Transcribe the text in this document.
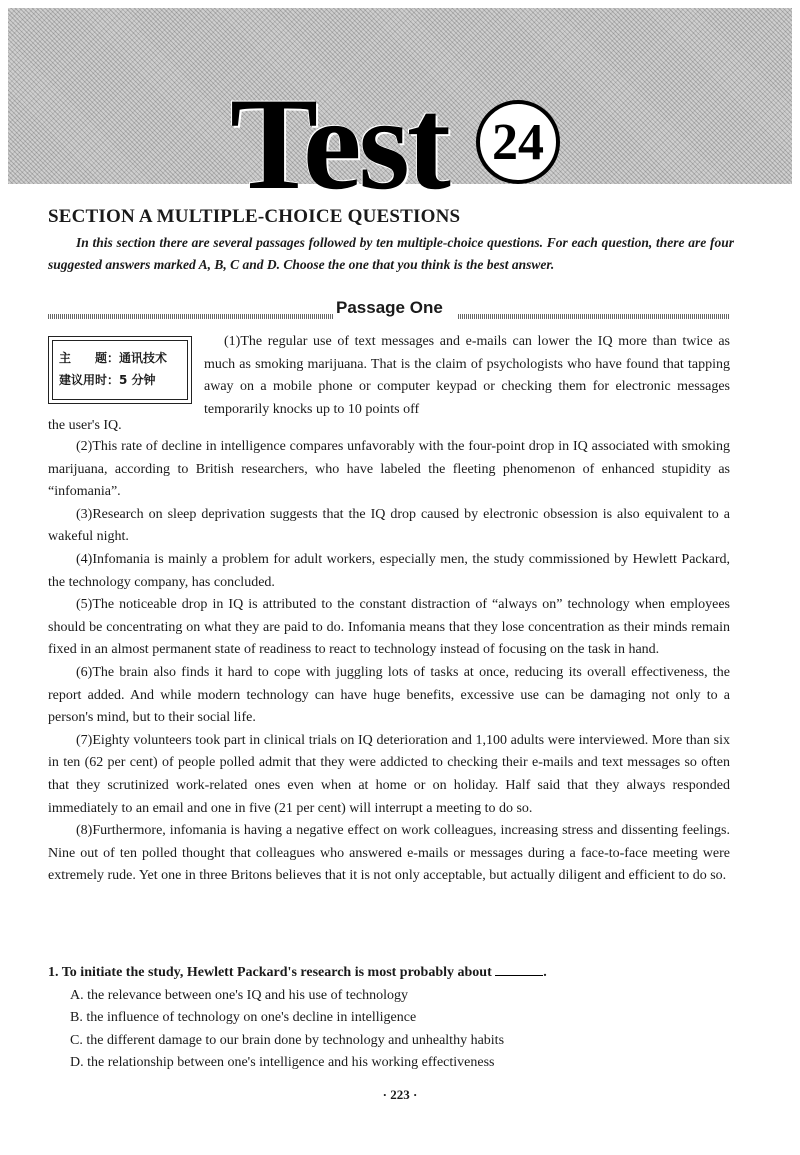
Test 24
SECTION A MULTIPLE-CHOICE QUESTIONS
In this section there are several passages followed by ten multiple-choice questions. For each question, there are four suggested answers marked A, B, C and D. Choose the one that you think is the best answer.
Passage One
主　　题：通讯技术
建议用时：5 分钟
(1)The regular use of text messages and e-mails can lower the IQ more than twice as much as smoking marijuana. That is the claim of psychologists who have found that tapping away on a mobile phone or computer keypad or checking them for electronic messages temporarily knocks up to 10 points off
the user's IQ.

(2)This rate of decline in intelligence compares unfavorably with the four-point drop in IQ associated with smoking marijuana, according to British researchers, who have labeled the fleeting phenomenon of enhanced stupidity as “infomania”.

(3)Research on sleep deprivation suggests that the IQ drop caused by electronic obsession is also equivalent to a wakeful night.

(4)Infomania is mainly a problem for adult workers, especially men, the study commissioned by Hewlett Packard, the technology company, has concluded.

(5)The noticeable drop in IQ is attributed to the constant distraction of “always on” technology when employees should be concentrating on what they are paid to do. Infomania means that they lose concentration as their minds remain fixed in an almost permanent state of readiness to react to technology instead of focusing on the task in hand.

(6)The brain also finds it hard to cope with juggling lots of tasks at once, reducing its overall effectiveness, the report added. And while modern technology can have huge benefits, excessive use can be damaging not only to a person's mind, but to their social life.

(7)Eighty volunteers took part in clinical trials on IQ deterioration and 1,100 adults were interviewed. More than six in ten (62 per cent) of people polled admit that they were addicted to checking their e-mails and text messages so often that they scrutinized work-related ones even when at home or on holiday. Half said that they always responded immediately to an email and one in five (21 per cent) will interrupt a meeting to do so.

(8)Furthermore, infomania is having a negative effect on work colleagues, increasing stress and dissenting feelings. Nine out of ten polled thought that colleagues who answered e-mails or messages during a face-to-face meeting were extremely rude. Yet one in three Britons believes that it is not only acceptable, but actually diligent and efficient to do so.

1. To initiate the study, Hewlett Packard's research is most probably about	.
A. the relevance between one's IQ and his use of technology
B. the influence of technology on one's decline in intelligence
C. the different damage to our brain done by technology and unhealthy habits
D. the relationship between one's intelligence and his working effectiveness
· 223 ·
